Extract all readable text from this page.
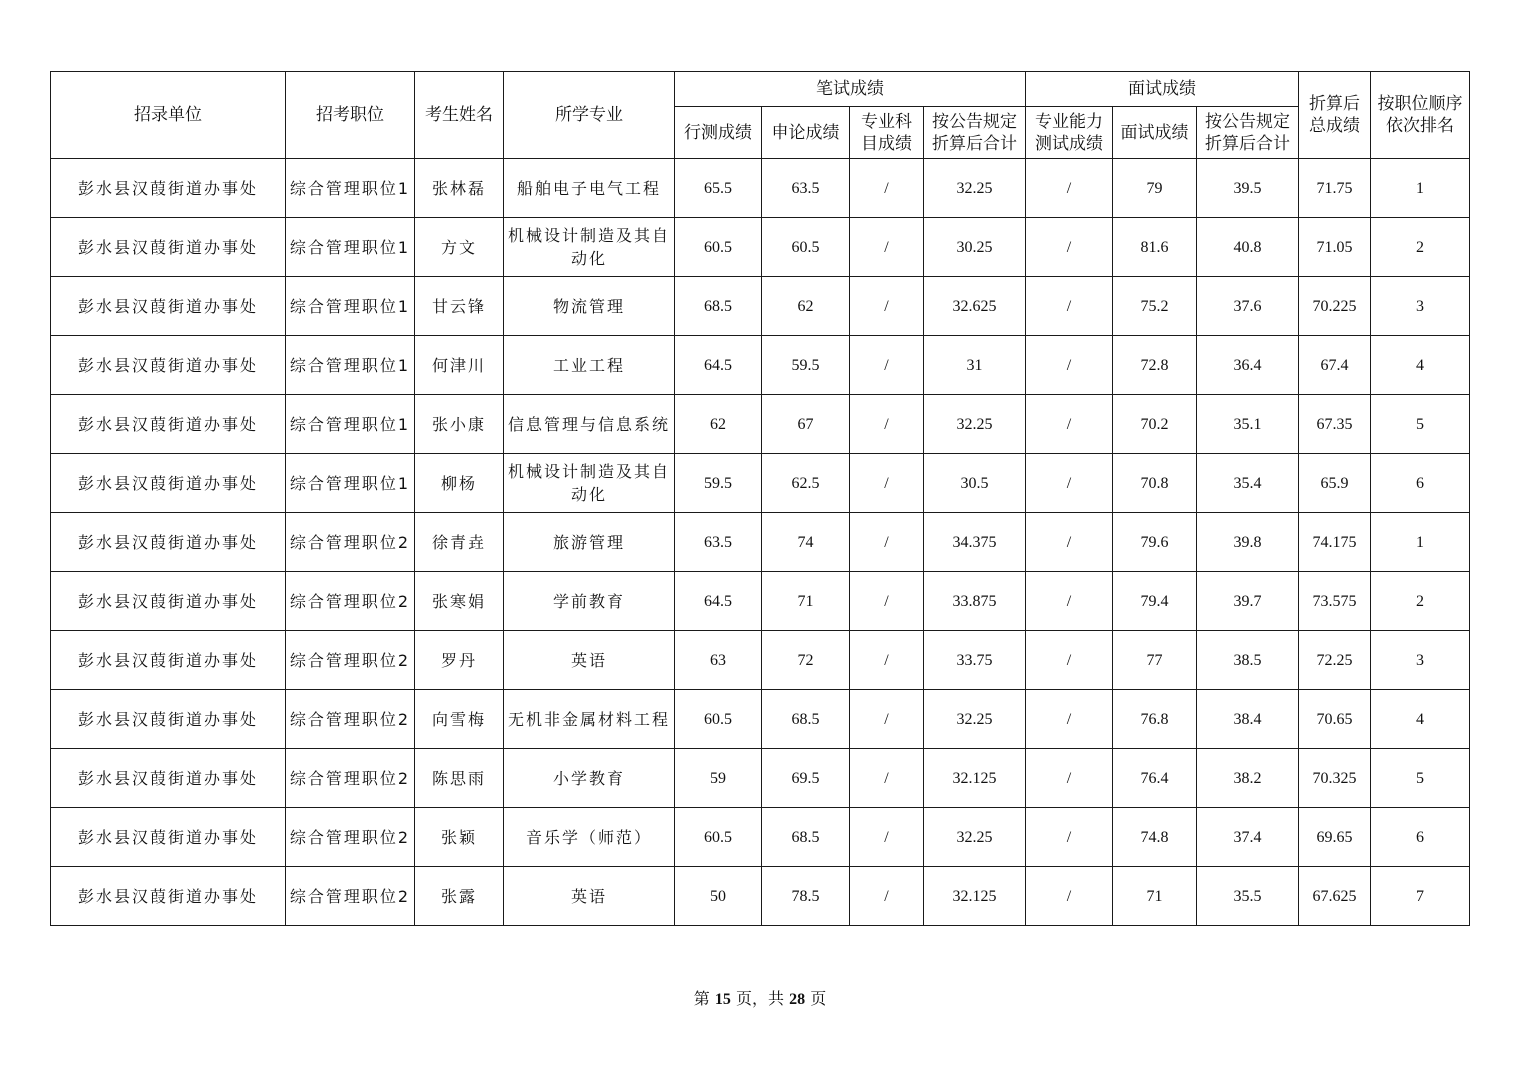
招录单位	招考职位	考生姓名	所学专业	笔试成绩				面试成绩			折算后总成绩	按职位顺序依次排名
				行测成绩	申论成绩	专业科目成绩	按公告规定折算后合计	专业能力测试成绩	面试成绩	按公告规定折算后合计		
彭水县汉葭街道办事处	综合管理职位1	张林磊	船舶电子电气工程	65.5	63.5	/	32.25	/	79	39.5	71.75	1
彭水县汉葭街道办事处	综合管理职位1	方文	机械设计制造及其自动化	60.5	60.5	/	30.25	/	81.6	40.8	71.05	2
彭水县汉葭街道办事处	综合管理职位1	甘云锋	物流管理	68.5	62	/	32.625	/	75.2	37.6	70.225	3
彭水县汉葭街道办事处	综合管理职位1	何津川	工业工程	64.5	59.5	/	31	/	72.8	36.4	67.4	4
彭水县汉葭街道办事处	综合管理职位1	张小康	信息管理与信息系统	62	67	/	32.25	/	70.2	35.1	67.35	5
彭水县汉葭街道办事处	综合管理职位1	柳杨	机械设计制造及其自动化	59.5	62.5	/	30.5	/	70.8	35.4	65.9	6
彭水县汉葭街道办事处	综合管理职位2	徐青垚	旅游管理	63.5	74	/	34.375	/	79.6	39.8	74.175	1
彭水县汉葭街道办事处	综合管理职位2	张寒娟	学前教育	64.5	71	/	33.875	/	79.4	39.7	73.575	2
彭水县汉葭街道办事处	综合管理职位2	罗丹	英语	63	72	/	33.75	/	77	38.5	72.25	3
彭水县汉葭街道办事处	综合管理职位2	向雪梅	无机非金属材料工程	60.5	68.5	/	32.25	/	76.8	38.4	70.65	4
彭水县汉葭街道办事处	综合管理职位2	陈思雨	小学教育	59	69.5	/	32.125	/	76.4	38.2	70.325	5
彭水县汉葭街道办事处	综合管理职位2	张颖	音乐学（师范）	60.5	68.5	/	32.25	/	74.8	37.4	69.65	6
彭水县汉葭街道办事处	综合管理职位2	张露	英语	50	78.5	/	32.125	/	71	35.5	67.625	7
第 15 页，共 28 页
